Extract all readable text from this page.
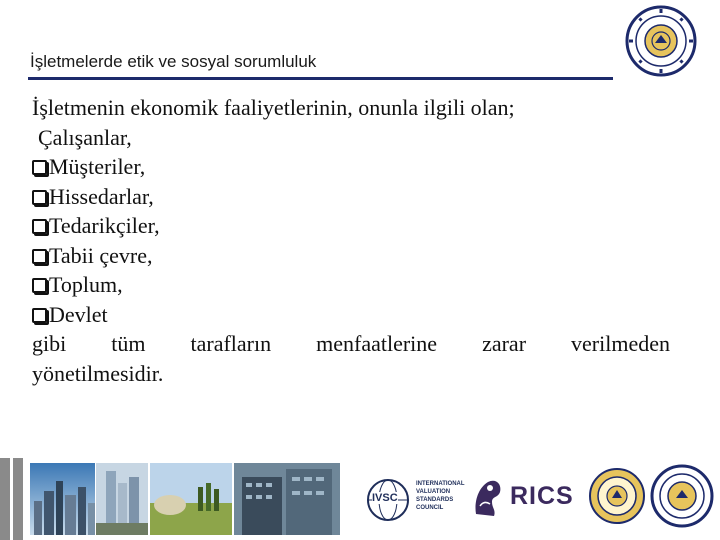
İşletmelerde etik ve sosyal sorumluluk

İşletmenin ekonomik faaliyetlerinin, onunla ilgili olan;

Çalışanlar,

Müşteriler,

Hissedarlar,

Tedarikçiler,

Tabii çevre,

Toplum,

Devlet

gibi tüm tarafların menfaatlerine zarar verilmeden

yönetilmesidir.

IVSC
INTERNATIONAL
VALUATION
STANDARDS
COUNCIL	RICS
